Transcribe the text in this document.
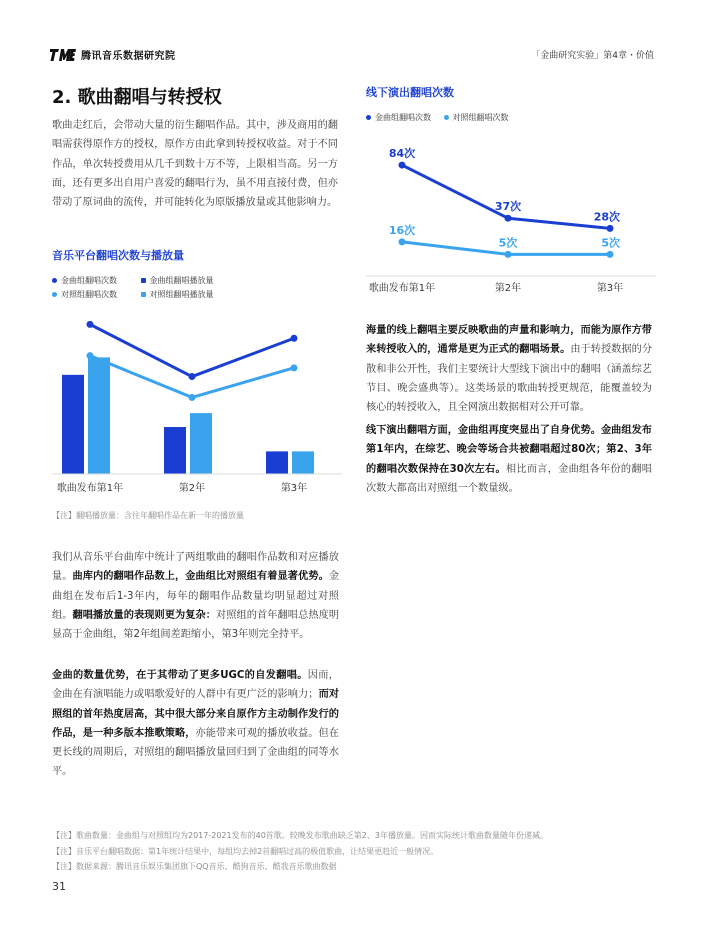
腾讯音乐数据研究院	「金曲研究实验」第4章・价值
2. 歌曲翻唱与转授权
歌曲走红后，会带动大量的衍生翻唱作品。其中，涉及商用的翻唱需获得原作方的授权，原作方由此拿到转授权收益。对于不同作品，单次转授费用从几千到数十万不等，上限相当高。另一方面，还有更多出自用户喜爱的翻唱行为，虽不用直接付费，但亦带动了原词曲的流传，并可能转化为原版播放量或其他影响力。
音乐平台翻唱次数与播放量
金曲组翻唱次数
	金曲组翻唱播放量
对照组翻唱次数
	对照组翻唱播放量
歌曲发布第1年	第2年	第3年
【注】翻唱播放量：含往年翻唱作品在新一年的播放量
我们从音乐平台曲库中统计了两组歌曲的翻唱作品数和对应播放量。曲库内的翻唱作品数上，金曲组比对照组有着显著优势。金曲组在发布后1-3年内，每年的翻唱作品数量均明显超过对照组。翻唱播放量的表现则更为复杂：对照组的首年翻唱总热度明显高于金曲组，第2年组间差距缩小，第3年则完全持平。
金曲的数量优势，在于其带动了更多UGC的自发翻唱。因而，金曲在有演唱能力或唱歌爱好的人群中有更广泛的影响力；而对照组的首年热度居高，其中很大部分来自原作方主动制作发行的作品，是一种多版本推歌策略，亦能带来可观的播放收益。但在更长线的周期后，对照组的翻唱播放量回归到了金曲组的同等水平。
线下演出翻唱次数
金曲组翻唱次数
	对照组翻唱次数
84次
37次
28次
16次
5次	5次
歌曲发布第1年	第2年	第3年
海量的线上翻唱主要反映歌曲的声量和影响力，而能为原作方带来转授收入的，通常是更为正式的翻唱场景。由于转授数据的分散和非公开性，我们主要统计大型线下演出中的翻唱（涵盖综艺节目、晚会盛典等）。这类场景的歌曲转授更规范，能覆盖较为核心的转授收入，且全网演出数据相对公开可靠。
线下演出翻唱方面，金曲组再度突显出了自身优势。金曲组发布第1年内，在综艺、晚会等场合共被翻唱超过80次；第2、3年的翻唱次数保持在30次左右。相比而言，金曲组各年份的翻唱次数大都高出对照组一个数量级。
【注】歌曲数量：金曲组与对照组均为2017-2021发布的40首歌。较晚发布歌曲缺乏第2、3年播放量。因而实际统计歌曲数量随年份递减。
【注】音乐平台翻唱数据：第1年统计结果中，每组均去掉2首翻唱过高的极值歌曲，让结果更趋近一般情况。
【注】数据来源：腾讯音乐娱乐集团旗下QQ音乐、酷狗音乐、酷我音乐歌曲数据
31
